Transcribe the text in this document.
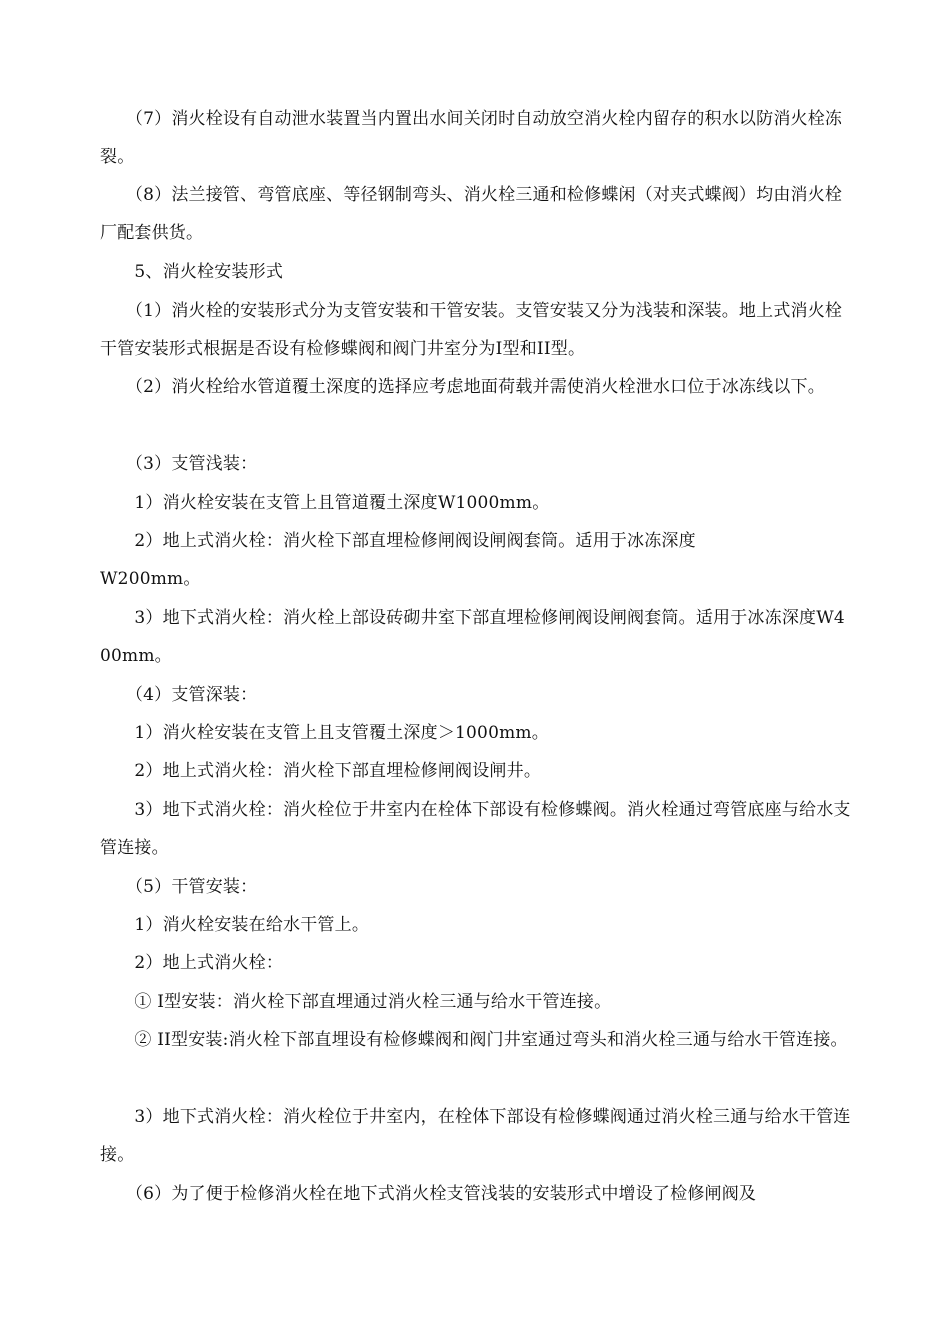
　　（7）消火栓设有自动泄水装置当内置出水间关闭时自动放空消火栓内留存的积水以防消火栓冻裂。

　　（8）法兰接管、弯管底座、等径钢制弯头、消火栓三通和检修蝶闲（对夹式蝶阀）均由消火栓厂配套供货。

　　5、消火栓安装形式

　　（1）消火栓的安装形式分为支管安装和干管安装。支管安装又分为浅装和深装。地上式消火栓干管安装形式根据是否设有检修蝶阀和阀门井室分为I型和II型。

　　（2）消火栓给水管道覆土深度的选择应考虑地面荷载并需使消火栓泄水口位于冰冻线以下。

　　（3）支管浅装：

　　1）消火栓安装在支管上且管道覆土深度W1000mm。

　　2）地上式消火栓：消火栓下部直埋检修闸阀设闸阀套筒。适用于冰冻深度
W200mm。

　　3）地下式消火栓：消火栓上部设砖砌井室下部直埋检修闸阀设闸阀套筒。适用于冰冻深度W400mm。

　　（4）支管深装：

　　1）消火栓安装在支管上且支管覆土深度＞1000mm。

　　2）地上式消火栓：消火栓下部直埋检修闸阀设闸井。

　　3）地下式消火栓：消火栓位于井室内在栓体下部设有检修蝶阀。消火栓通过弯管底座与给水支管连接。

　　（5）干管安装：

　　1）消火栓安装在给水干管上。

　　2）地上式消火栓：

　　① I型安装：消火栓下部直埋通过消火栓三通与给水干管连接。

　　② II型安装:消火栓下部直埋设有检修蝶阀和阀门井室通过弯头和消火栓三通与给水干管连接。

　　3）地下式消火栓：消火栓位于井室内，在栓体下部设有检修蝶阀通过消火栓三通与给水干管连接。

　　（6）为了便于检修消火栓在地下式消火栓支管浅装的安装形式中增设了检修闸阀及
